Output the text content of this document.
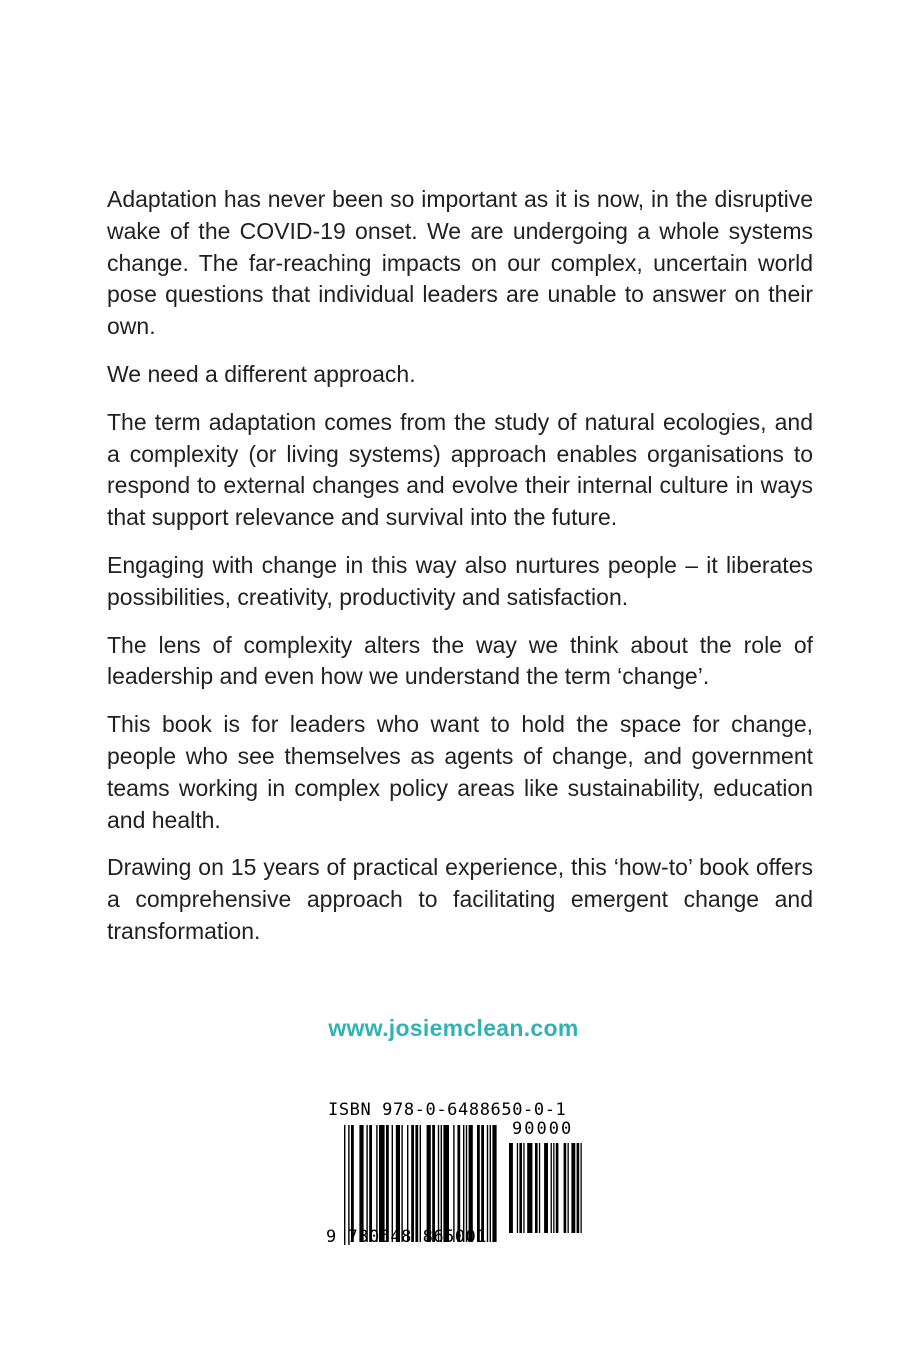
Adaptation has never been so important as it is now, in the disruptive wake of the COVID-19 onset. We are undergoing a whole systems change. The far-reaching impacts on our complex, uncertain world pose questions that individual leaders are unable to answer on their own.

We need a different approach.

The term adaptation comes from the study of natural ecologies, and a complexity (or living systems) approach enables organisations to respond to external changes and evolve their internal culture in ways that support relevance and survival into the future.

Engaging with change in this way also nurtures people – it liberates possibilities, creativity, productivity and satisfaction.

The lens of complexity alters the way we think about the role of leadership and even how we understand the term ‘change’.

This book is for leaders who want to hold the space for change, people who see themselves as agents of change, and government teams working in complex policy areas like sustainability, education and health.

Drawing on 15 years of practical experience, this ‘how-to’ book offers a comprehensive approach to facilitating emergent change and transformation.

www.josiemclean.com
ISBN 978-0-6488650-0-1
90000
9 780648 865001
